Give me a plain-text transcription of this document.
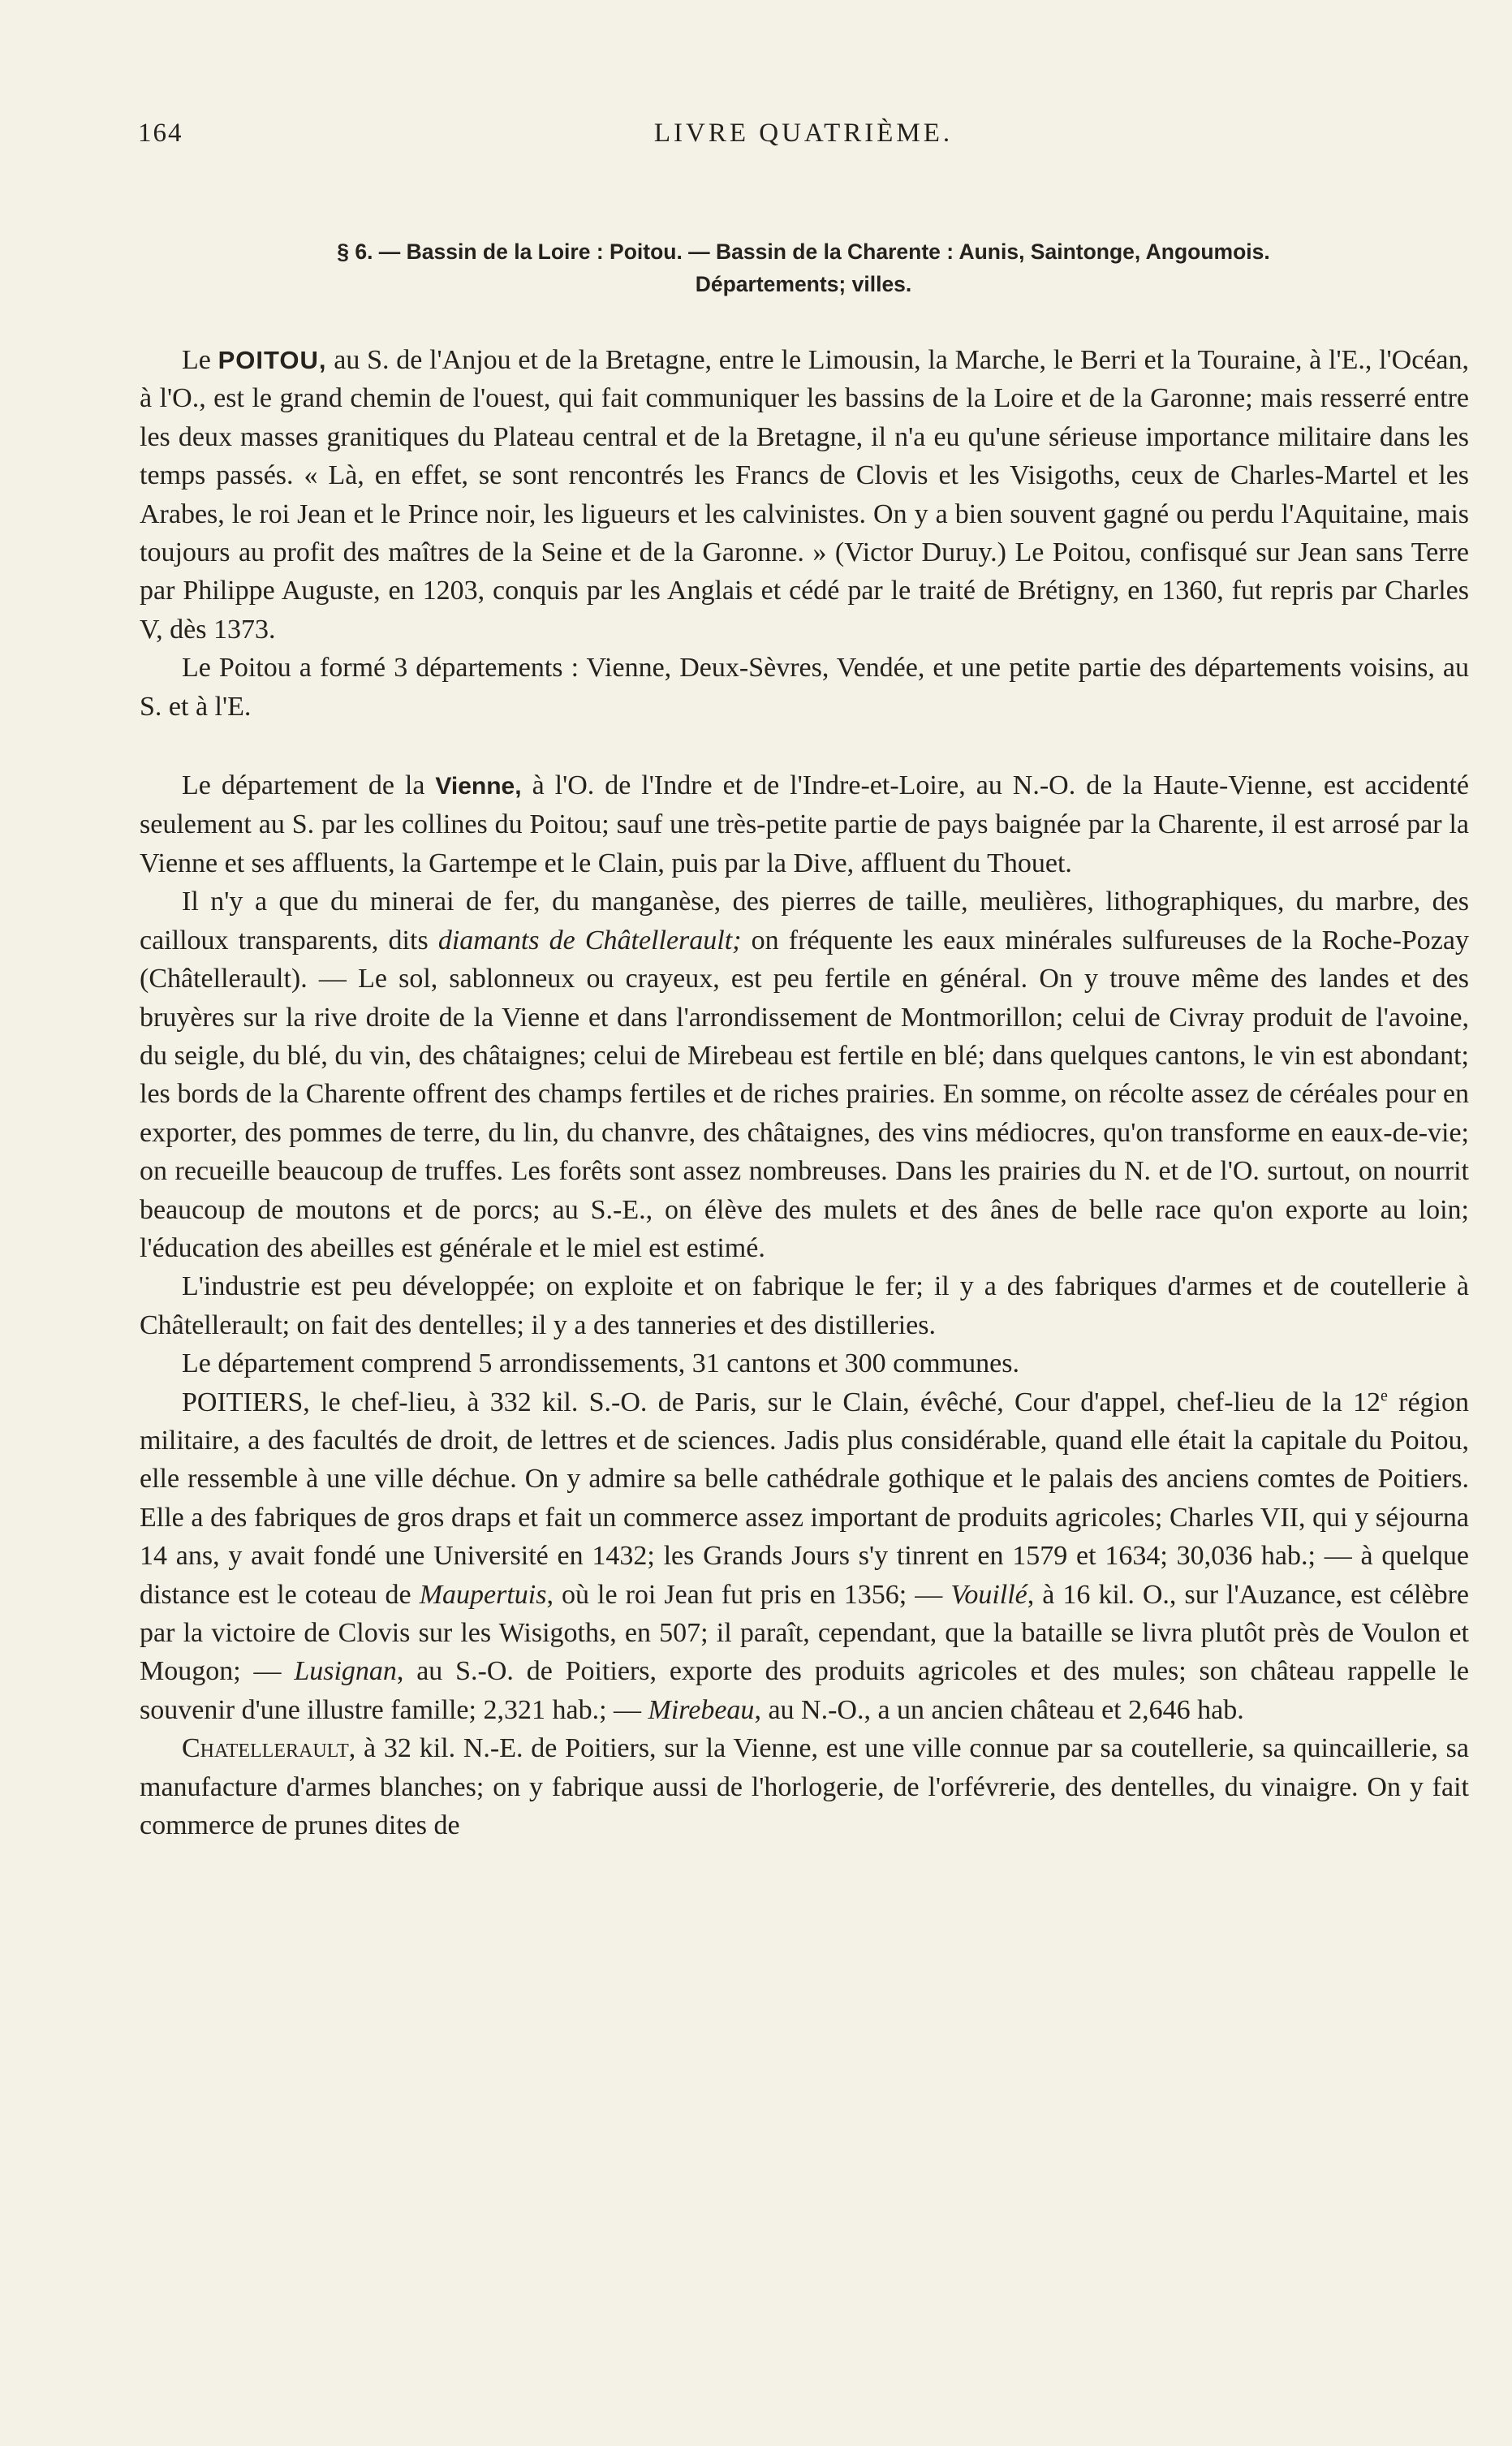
164	LIVRE QUATRIÈME.
§ 6. — Bassin de la Loire : Poitou. — Bassin de la Charente : Aunis, Saintonge, Angoumois.
Départements; villes.

Le POITOU, au S. de l'Anjou et de la Bretagne, entre le Limousin, la Marche, le Berri et la Touraine, à l'E., l'Océan, à l'O., est le grand chemin de l'ouest, qui fait communiquer les bassins de la Loire et de la Garonne; mais resserré entre les deux masses granitiques du Plateau central et de la Bretagne, il n'a eu qu'une sérieuse importance militaire dans les temps passés. « Là, en effet, se sont rencontrés les Francs de Clovis et les Visigoths, ceux de Charles-Martel et les Arabes, le roi Jean et le Prince noir, les ligueurs et les calvinistes. On y a bien souvent gagné ou perdu l'Aquitaine, mais toujours au profit des maîtres de la Seine et de la Garonne. » (Victor Duruy.) Le Poitou, confisqué sur Jean sans Terre par Philippe Auguste, en 1203, conquis par les Anglais et cédé par le traité de Brétigny, en 1360, fut repris par Charles V, dès 1373.

Le Poitou a formé 3 départements : Vienne, Deux-Sèvres, Vendée, et une petite partie des départements voisins, au S. et à l'E.

Le département de la Vienne, à l'O. de l'Indre et de l'Indre-et-Loire, au N.-O. de la Haute-Vienne, est accidenté seulement au S. par les collines du Poitou; sauf une très-petite partie de pays baignée par la Charente, il est arrosé par la Vienne et ses affluents, la Gartempe et le Clain, puis par la Dive, affluent du Thouet.

Il n'y a que du minerai de fer, du manganèse, des pierres de taille, meulières, lithographiques, du marbre, des cailloux transparents, dits diamants de Châtellerault; on fréquente les eaux minérales sulfureuses de la Roche-Pozay (Châtellerault). — Le sol, sablonneux ou crayeux, est peu fertile en général. On y trouve même des landes et des bruyères sur la rive droite de la Vienne et dans l'arrondissement de Montmorillon; celui de Civray produit de l'avoine, du seigle, du blé, du vin, des châtaignes; celui de Mirebeau est fertile en blé; dans quelques cantons, le vin est abondant; les bords de la Charente offrent des champs fertiles et de riches prairies. En somme, on récolte assez de céréales pour en exporter, des pommes de terre, du lin, du chanvre, des châtaignes, des vins médiocres, qu'on transforme en eaux-de-vie; on recueille beaucoup de truffes. Les forêts sont assez nombreuses. Dans les prairies du N. et de l'O. surtout, on nourrit beaucoup de moutons et de porcs; au S.-E., on élève des mulets et des ânes de belle race qu'on exporte au loin; l'éducation des abeilles est générale et le miel est estimé.

L'industrie est peu développée; on exploite et on fabrique le fer; il y a des fabriques d'armes et de coutellerie à Châtellerault; on fait des dentelles; il y a des tanneries et des distilleries.

Le département comprend 5 arrondissements, 31 cantons et 300 communes.

POITIERS, le chef-lieu, à 332 kil. S.-O. de Paris, sur le Clain, évêché, Cour d'appel, chef-lieu de la 12e région militaire, a des facultés de droit, de lettres et de sciences. Jadis plus considérable, quand elle était la capitale du Poitou, elle ressemble à une ville déchue. On y admire sa belle cathédrale gothique et le palais des anciens comtes de Poitiers. Elle a des fabriques de gros draps et fait un commerce assez important de produits agricoles; Charles VII, qui y séjourna 14 ans, y avait fondé une Université en 1432; les Grands Jours s'y tinrent en 1579 et 1634; 30,036 hab.; — à quelque distance est le coteau de Maupertuis, où le roi Jean fut pris en 1356; — Vouillé, à 16 kil. O., sur l'Auzance, est célèbre par la victoire de Clovis sur les Wisigoths, en 507; il paraît, cependant, que la bataille se livra plutôt près de Voulon et Mougon; — Lusignan, au S.-O. de Poitiers, exporte des produits agricoles et des mules; son château rappelle le souvenir d'une illustre famille; 2,321 hab.; — Mirebeau, au N.-O., a un ancien château et 2,646 hab.

Chatellerault, à 32 kil. N.-E. de Poitiers, sur la Vienne, est une ville connue par sa coutellerie, sa quincaillerie, sa manufacture d'armes blanches; on y fabrique aussi de l'horlogerie, de l'orfévrerie, des dentelles, du vinaigre. On y fait commerce de prunes dites de
